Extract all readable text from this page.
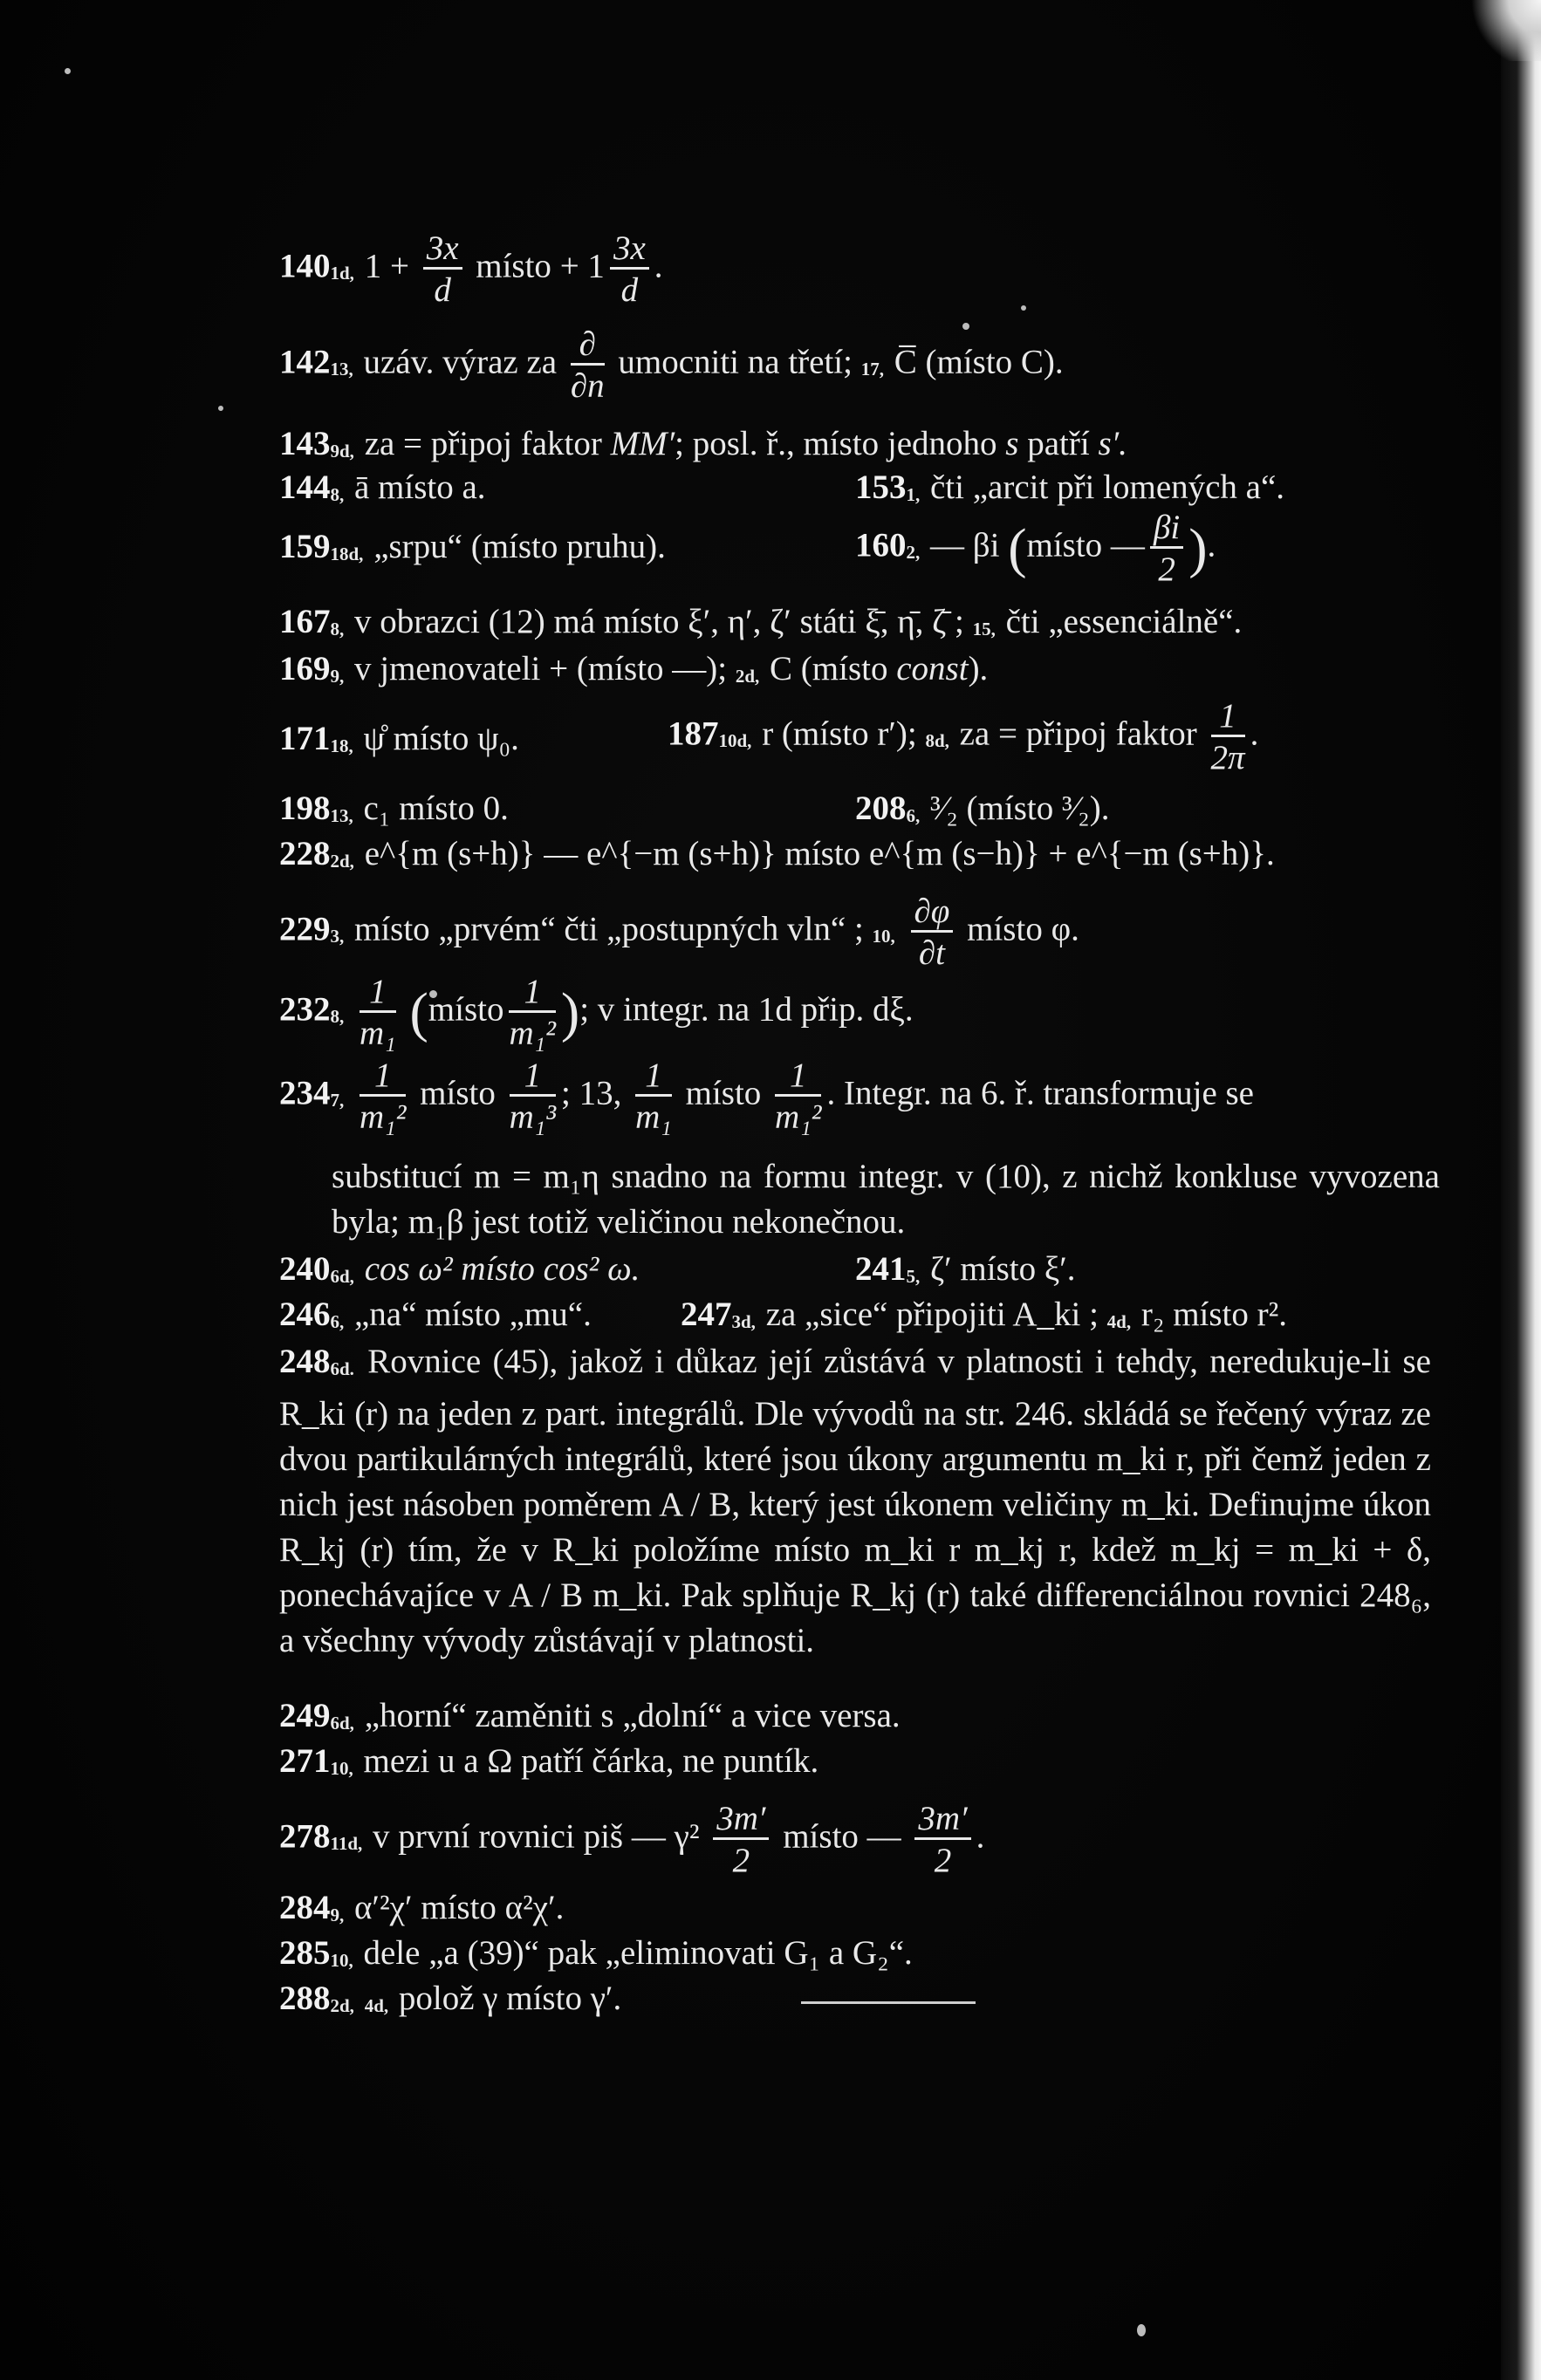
1401d, $1 + \frac{3x}{d}$ místo + $1 \frac{3x}{d}$ .
14213, uzáv. výraz za $\frac{\partial}{\partial n}$ umocniti na třetí; 17, C̅ (místo C).
1439d, za = připoj faktor MM′; posl. ř., místo jednoho s patří s′.
1448, ā místo a.	1531, čti „arcit při lomených a“.
15918d, „srpu“ (místo pruhu).	1602, — βi (místo — $\frac{\beta i}{2}$ ).
1678, v obrazci (12) má místo ξ′, η′, ζ′ státi ξ̄, η̄, ζ̄ ; 15, čti „essenciálně“.
1699, v jmenovateli + (místo —); 2d, C (místo const).
17118, ψ̊ místo ψ₀.	18710d, r (místo r′); 8d, za = připoj faktor $\frac{1}{2\pi}$ .
19813, c₁ místo 0.	2086, ³⁄₂ (místo ³⁄₂).
2282d, e^{m (s+h)} — e^{−m (s+h)} místo e^{m (s−h)} + e^{−m (s+h)}.
2293, místo „prvém“ čti „postupných vln“ ; 10, $\frac{\partial\varphi}{\partial t}$ místo φ.
2328, $\frac{1}{\text{m₁}}$ (místo $\frac{1}{\text{m₁²}}$ ); v integr. na 1d přip. dξ.
2347, $\frac{1}{\text{m₁²}}$ místo $\frac{1}{\text{m₁³}}$ ; 13, $\frac{1}{\text{m₁}}$ místo $\frac{1}{\text{m₁²}}$ . Integr. na 6. ř. transformuje se
substitucí m = m₁η snadno na formu integr. v (10), z nichž konkluse vyvozena byla; m₁β jest totiž veličinou nekonečnou.
2406d, cos ω² místo cos² ω.	2415, ζ′ místo ξ′.
2466, „na“ místo „mu“.	2473d, za „sice“ připojiti A_ki ; 4d, r₂ místo r².
2486d. Rovnice (45), jakož i důkaz její zůstává v platnosti i tehdy, neredukuje-li se R_ki (r) na jeden z part. integrálů. Dle vývodů na str. 246. skládá se řečený výraz ze dvou partikulárných integrálů, které jsou úkony argumentu m_ki r, při čemž jeden z nich jest násoben poměrem A / B, který jest úkonem veličiny m_ki. Definujme úkon R_kj (r) tím, že v R_ki položíme místo m_ki r m_kj r, kdež m_kj = m_ki + δ, ponechávajíce v A / B m_ki. Pak splňuje R_kj (r) také differenciálnou rovnici 248₆, a všechny vývody zůstávají v platnosti.
2496d, „horní“ zaměniti s „dolní“ a vice versa.
27110, mezi u a Ω patří čárka, ne puntík.
27811d, v první rovnici piš — $\gamma^2 \frac{3m'}{2}$ místo — $\frac{3m'}{2}$ .
2849, α′²χ′ místo α²χ′.
28510, dele „a (39)“ pak „eliminovati G₁ a G₂“.
2882d, 4d, polož γ místo γ′.
